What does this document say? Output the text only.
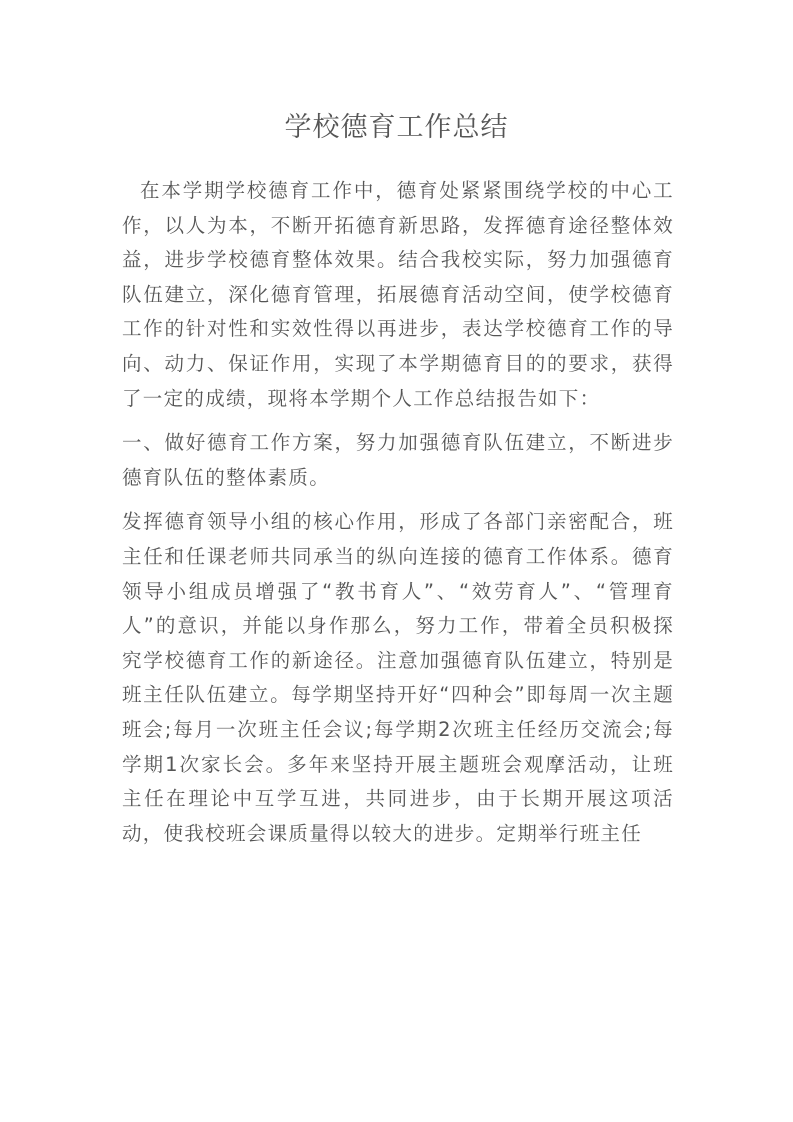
学校德育工作总结

在本学期学校德育工作中，德育处紧紧围绕学校的中心工作，以人为本，不断开拓德育新思路，发挥德育途径整体效益，进步学校德育整体效果。结合我校实际，努力加强德育队伍建立，深化德育管理，拓展德育活动空间，使学校德育工作的针对性和实效性得以再进步，表达学校德育工作的导向、动力、保证作用，实现了本学期德育目的的要求，获得了一定的成绩，现将本学期个人工作总结报告如下：

一、做好德育工作方案，努力加强德育队伍建立，不断进步德育队伍的整体素质。

发挥德育领导小组的核心作用，形成了各部门亲密配合，班主任和任课老师共同承当的纵向连接的德育工作体系。德育领导小组成员增强了“教书育人”、“效劳育人”、“管理育人”的意识，并能以身作那么，努力工作，带着全员积极探究学校德育工作的新途径。注意加强德育队伍建立，特别是班主任队伍建立。每学期坚持开好“四种会”即每周一次主题班会;每月一次班主任会议;每学期2次班主任经历交流会;每学期1次家长会。多年来坚持开展主题班会观摩活动，让班主任在理论中互学互进，共同进步，由于长期开展这项活动，使我校班会课质量得以较大的进步。定期举行班主任
